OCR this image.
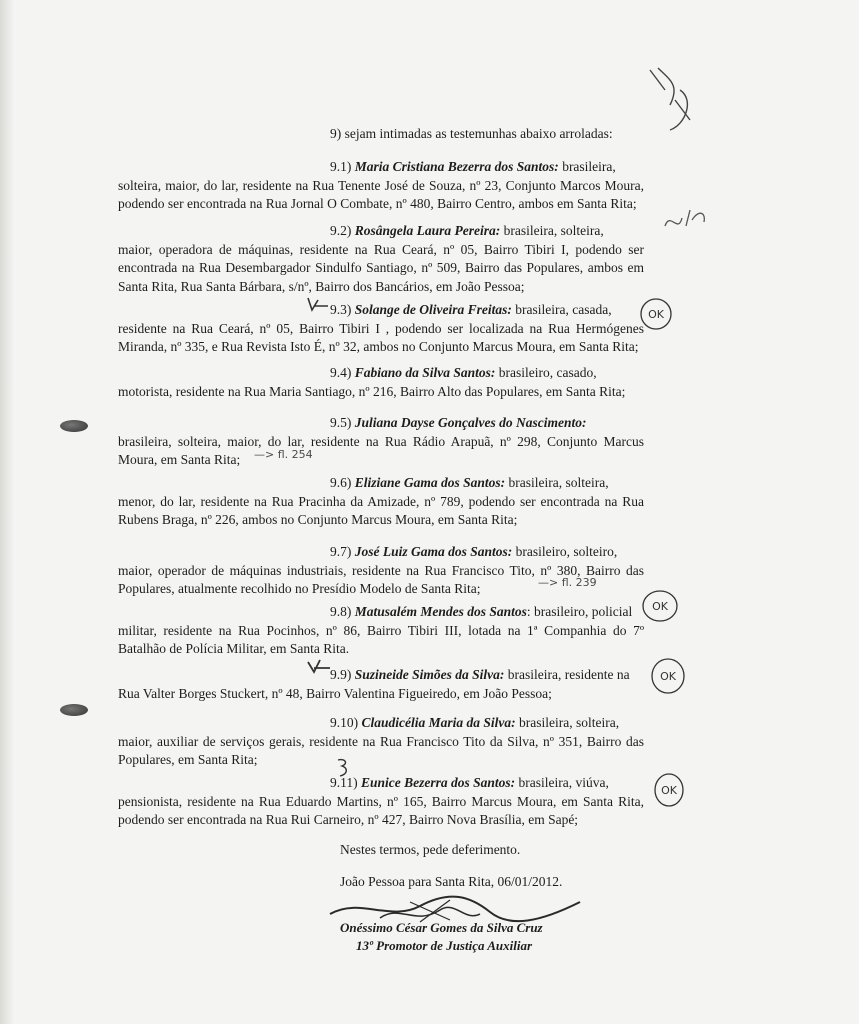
9) sejam intimadas as testemunhas abaixo arroladas:
9.1) Maria Cristiana Bezerra dos Santos: brasileira,
solteira, maior, do lar, residente na Rua Tenente José de Souza, nº 23, Conjunto Marcos Moura, podendo ser encontrada na Rua Jornal O Combate, nº 480, Bairro Centro, ambos em Santa Rita;
9.2) Rosângela Laura Pereira: brasileira, solteira,
maior, operadora de máquinas, residente na Rua Ceará, nº 05, Bairro Tibiri I, podendo ser encontrada na Rua Desembargador Sindulfo Santiago, nº 509, Bairro das Populares, ambos em Santa Rita, Rua Santa Bárbara, s/nº, Bairro dos Bancários, em João Pessoa;
9.3) Solange de Oliveira Freitas: brasileira, casada,
residente na Rua Ceará, nº 05, Bairro Tibiri I , podendo ser localizada na Rua Hermógenes Miranda, nº 335, e Rua Revista Isto É, nº 32, ambos no Conjunto Marcus Moura, em Santa Rita;
9.4) Fabiano da Silva Santos: brasileiro, casado,
motorista, residente na Rua Maria Santiago, nº 216, Bairro Alto das Populares, em Santa Rita;
9.5) Juliana Dayse Gonçalves do Nascimento:
brasileira, solteira, maior, do lar, residente na Rua Rádio Arapuã, nº 298, Conjunto Marcus Moura, em Santa Rita;
9.6) Eliziane Gama dos Santos: brasileira, solteira,
menor, do lar, residente na Rua Pracinha da Amizade, nº 789, podendo ser encontrada na Rua Rubens Braga, nº 226, ambos no Conjunto Marcus Moura, em Santa Rita;
9.7) José Luiz Gama dos Santos: brasileiro, solteiro,
maior, operador de máquinas industriais, residente na Rua Francisco Tito, nº 380, Bairro das Populares, atualmente recolhido no Presídio Modelo de Santa Rita;
9.8) Matusalém Mendes dos Santos: brasileiro, policial
militar, residente na Rua Pocinhos, nº 86, Bairro Tibiri III, lotada na 1ª Companhia do 7º Batalhão de Polícia Militar, em Santa Rita.
9.9) Suzineide Simões da Silva: brasileira, residente na
Rua Valter Borges Stuckert, nº 48, Bairro Valentina Figueiredo, em João Pessoa;
9.10) Claudicélia Maria da Silva: brasileira, solteira,
maior, auxiliar de serviços gerais, residente na Rua Francisco Tito da Silva, nº 351, Bairro das Populares, em Santa Rita;
9.11) Eunice Bezerra dos Santos: brasileira, viúva,
pensionista, residente na Rua Eduardo Martins, nº 165, Bairro Marcus Moura, em Santa Rita, podendo ser encontrada na Rua Rui Carneiro, nº 427, Bairro Nova Brasília, em Sapé;
Nestes termos, pede deferimento.
João Pessoa para Santa Rita, 06/01/2012.
Onéssimo César Gomes da Silva Cruz
13º Promotor de Justiça Auxiliar
OK
OK
OK
OK
—> fl. 254
—> fl. 239
